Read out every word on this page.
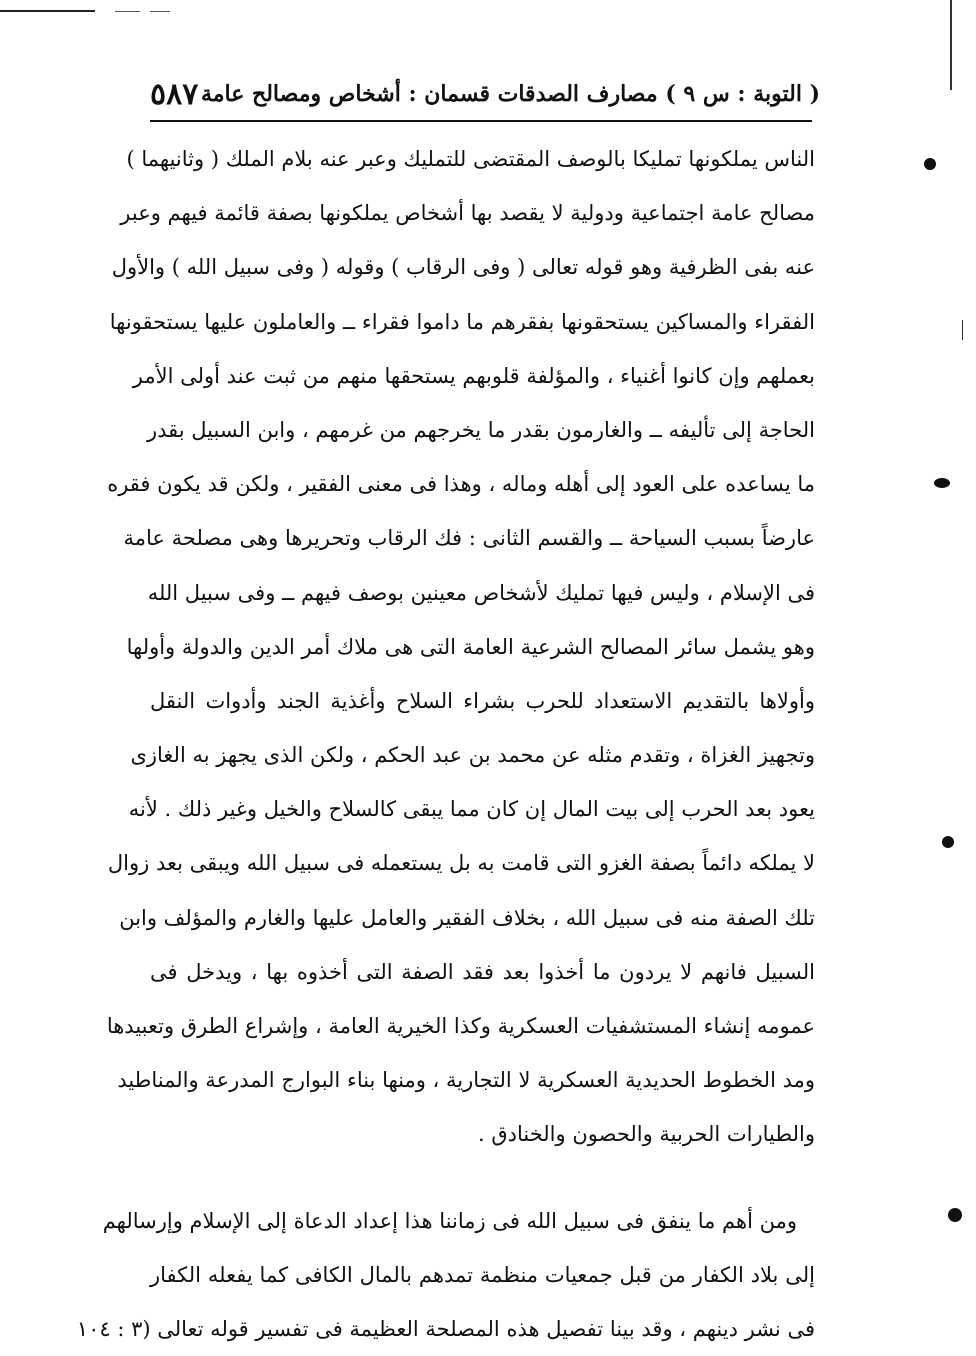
( التوبة : س ٩ ) مصارف الصدقات قسمان : أشخاص ومصالح عامة
٥٨٧
الناس يملكونها تمليكا بالوصف المقتضى للتمليك وعبر عنه بلام الملك ( وثانيهما )
مصالح عامة اجتماعية ودولية لا يقصد بها أشخاص يملكونها بصفة قائمة فيهم وعبر
عنه بفى الظرفية وهو قوله تعالى ( وفى الرقاب ) وقوله ( وفى سبيل الله ) والأول
الفقراء والمساكين يستحقونها بفقرهم ما داموا فقراء ــ والعاملون عليها يستحقونها
بعملهم وإن كانوا أغنياء ، والمؤلفة قلوبهم يستحقها منهم من ثبت عند أولى الأمر
الحاجة إلى تأليفه ــ والغارمون بقدر ما يخرجهم من غرمهم ، وابن السبيل بقدر
ما يساعده على العود إلى أهله وماله ، وهذا فى معنى الفقير ، ولكن قد يكون فقره
عارضاً بسبب السياحة ــ والقسم الثانى : فك الرقاب وتحريرها وهى مصلحة عامة
فى الإسلام ، وليس فيها تمليك لأشخاص معينين بوصف فيهم ــ وفى سبيل الله
وهو يشمل سائر المصالح الشرعية العامة التى هى ملاك أمر الدين والدولة وأولها
وأولاها بالتقديم الاستعداد للحرب بشراء السلاح وأغذية الجند وأدوات النقل
وتجهيز الغزاة ، وتقدم مثله عن محمد بن عبد الحكم ، ولكن الذى يجهز به الغازى
يعود بعد الحرب إلى بيت المال إن كان مما يبقى كالسلاح والخيل وغير ذلك . لأنه
لا يملكه دائماً بصفة الغزو التى قامت به بل يستعمله فى سبيل الله ويبقى بعد زوال
تلك الصفة منه فى سبيل الله ، بخلاف الفقير والعامل عليها والغارم والمؤلف وابن
السبيل فانهم لا يردون ما أخذوا بعد فقد الصفة التى أخذوه بها ، ويدخل فى
عمومه إنشاء المستشفيات العسكرية وكذا الخيرية العامة ، وإشراع الطرق وتعبيدها
ومد الخطوط الحديدية العسكرية لا التجارية ، ومنها بناء البوارج المدرعة والمناطيد
والطيارات الحربية والحصون والخنادق .
ومن أهم ما ينفق فى سبيل الله فى زماننا هذا إعداد الدعاة إلى الإسلام وإرسالهم
إلى بلاد الكفار من قبل جمعيات منظمة تمدهم بالمال الكافى كما يفعله الكفار
فى نشر دينهم ، وقد بينا تفصيل هذه المصلحة العظيمة فى تفسير قوله تعالى (٣ : ١٠٤
